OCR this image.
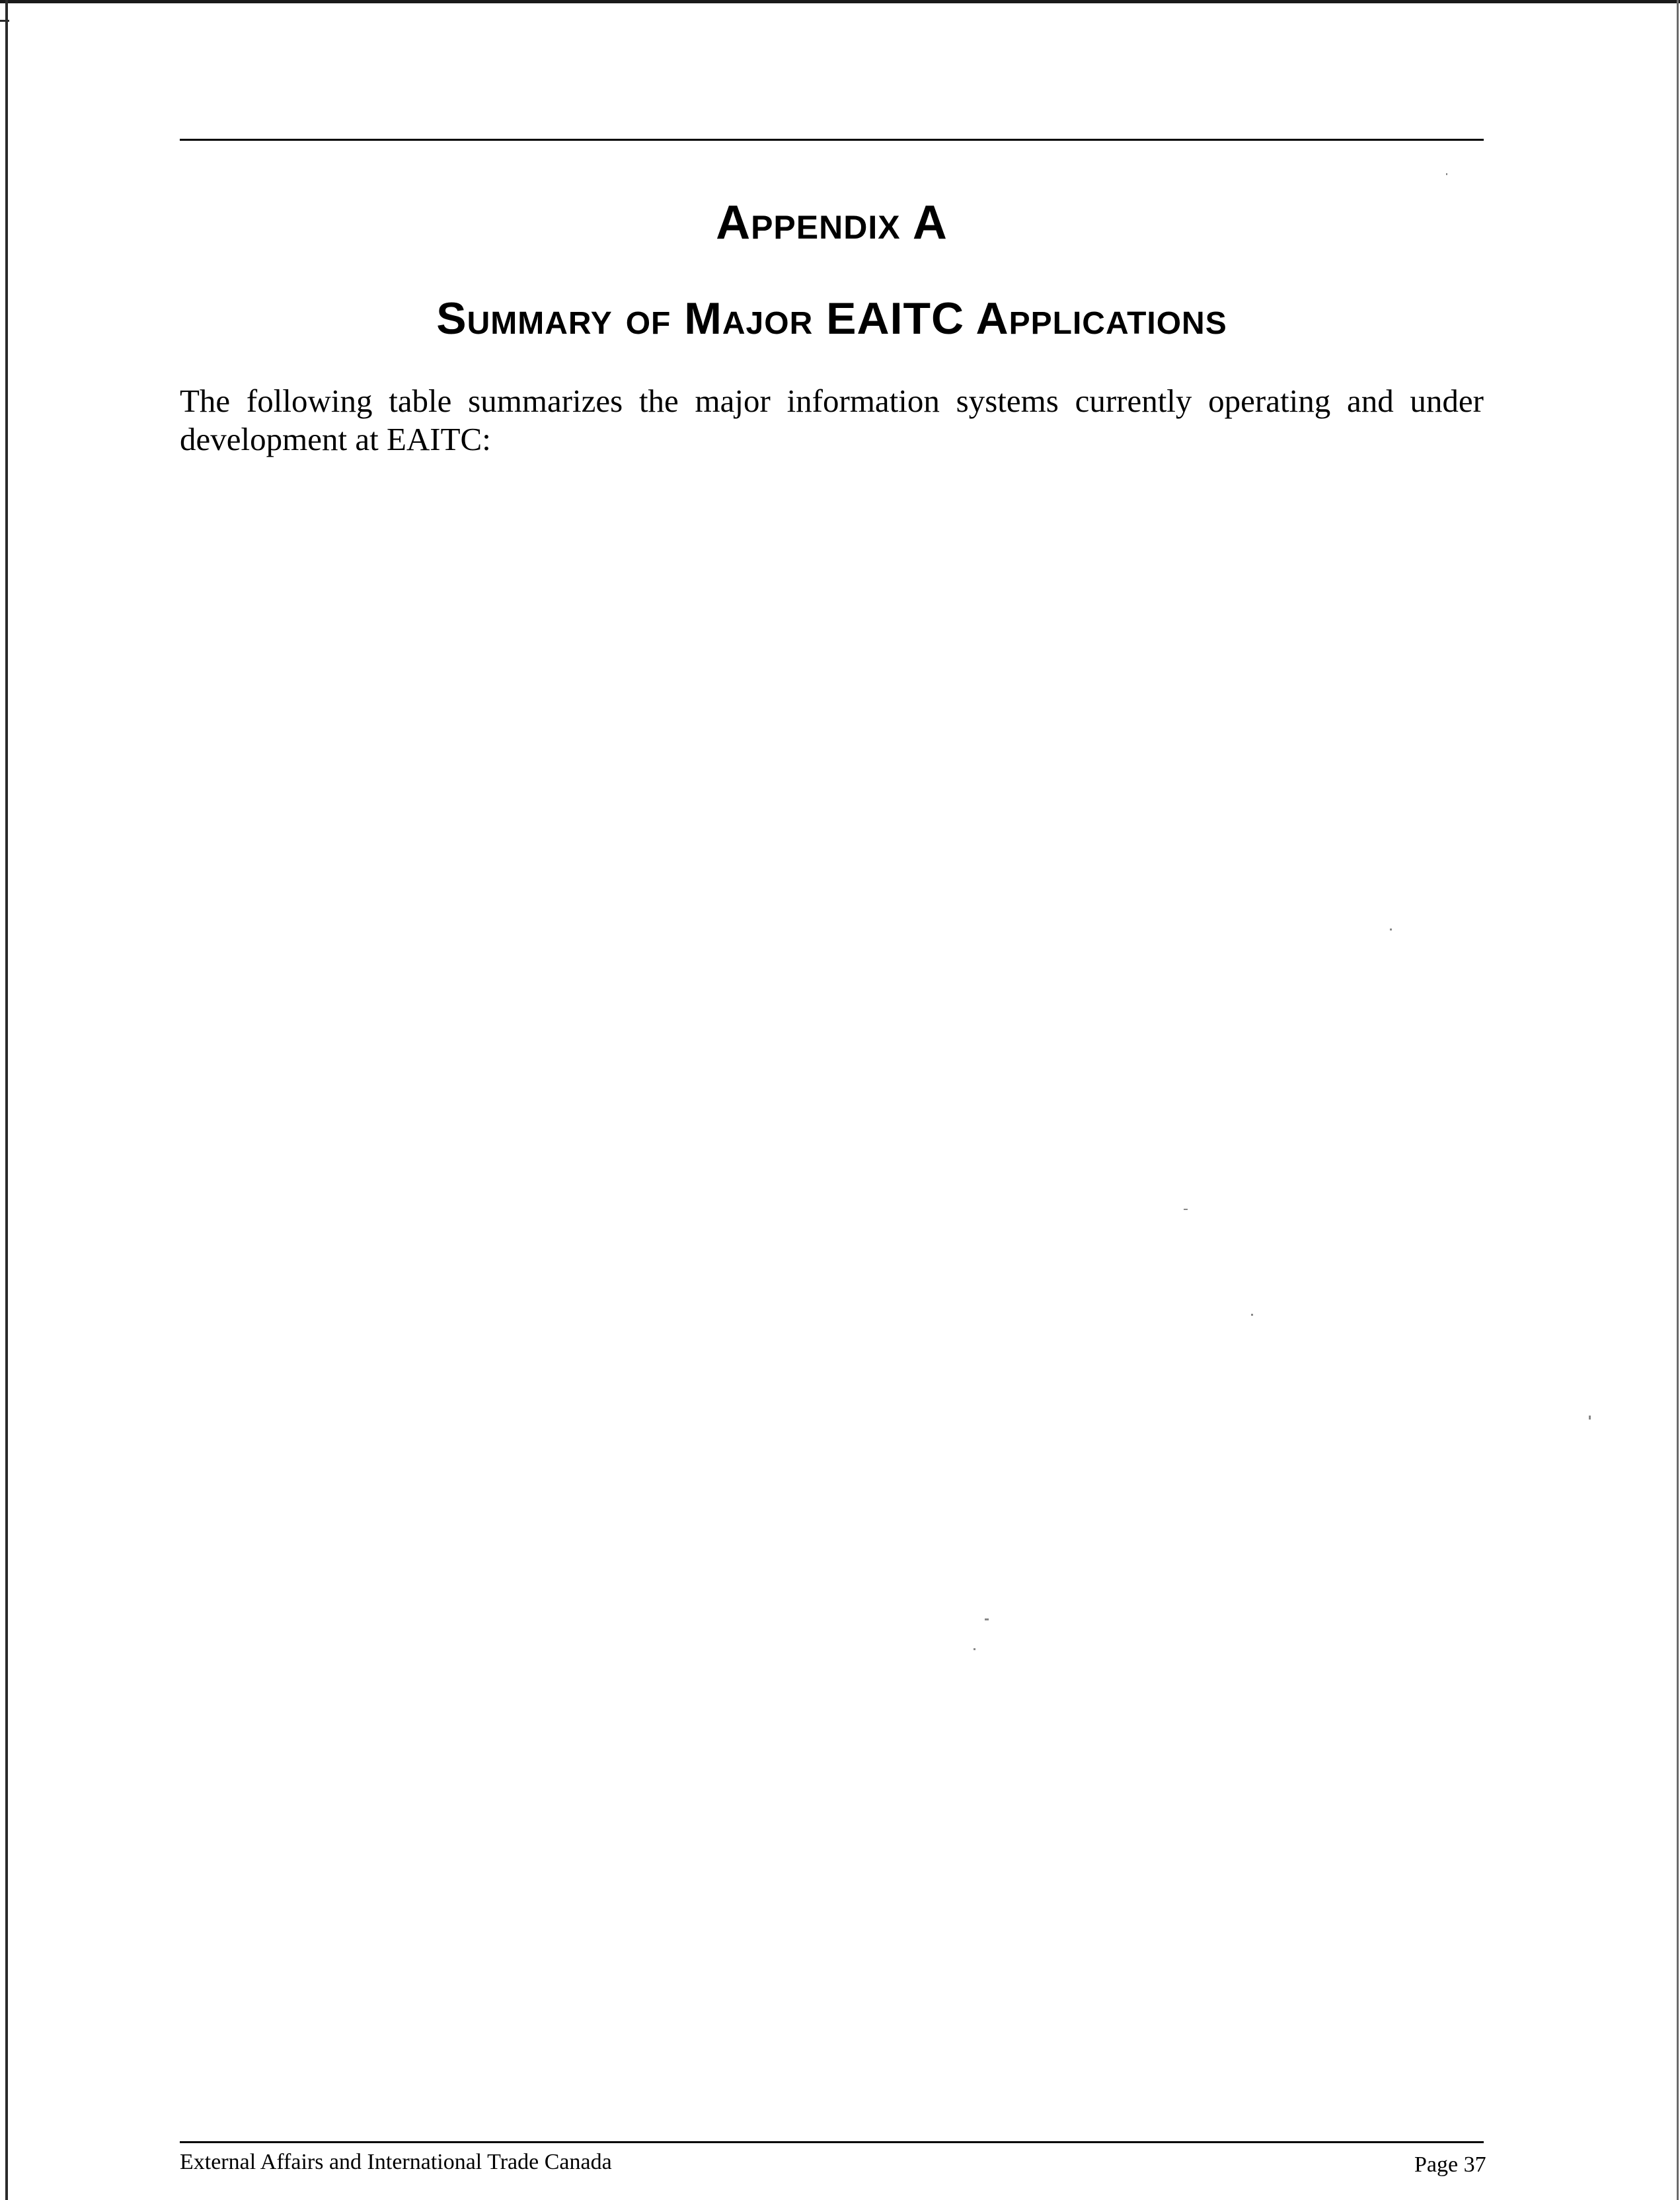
Appendix A
Summary of Major EAITC Applications

The following table summarizes the major information systems currently operating and under development at EAITC:

External Affairs and International Trade Canada	Page 37
